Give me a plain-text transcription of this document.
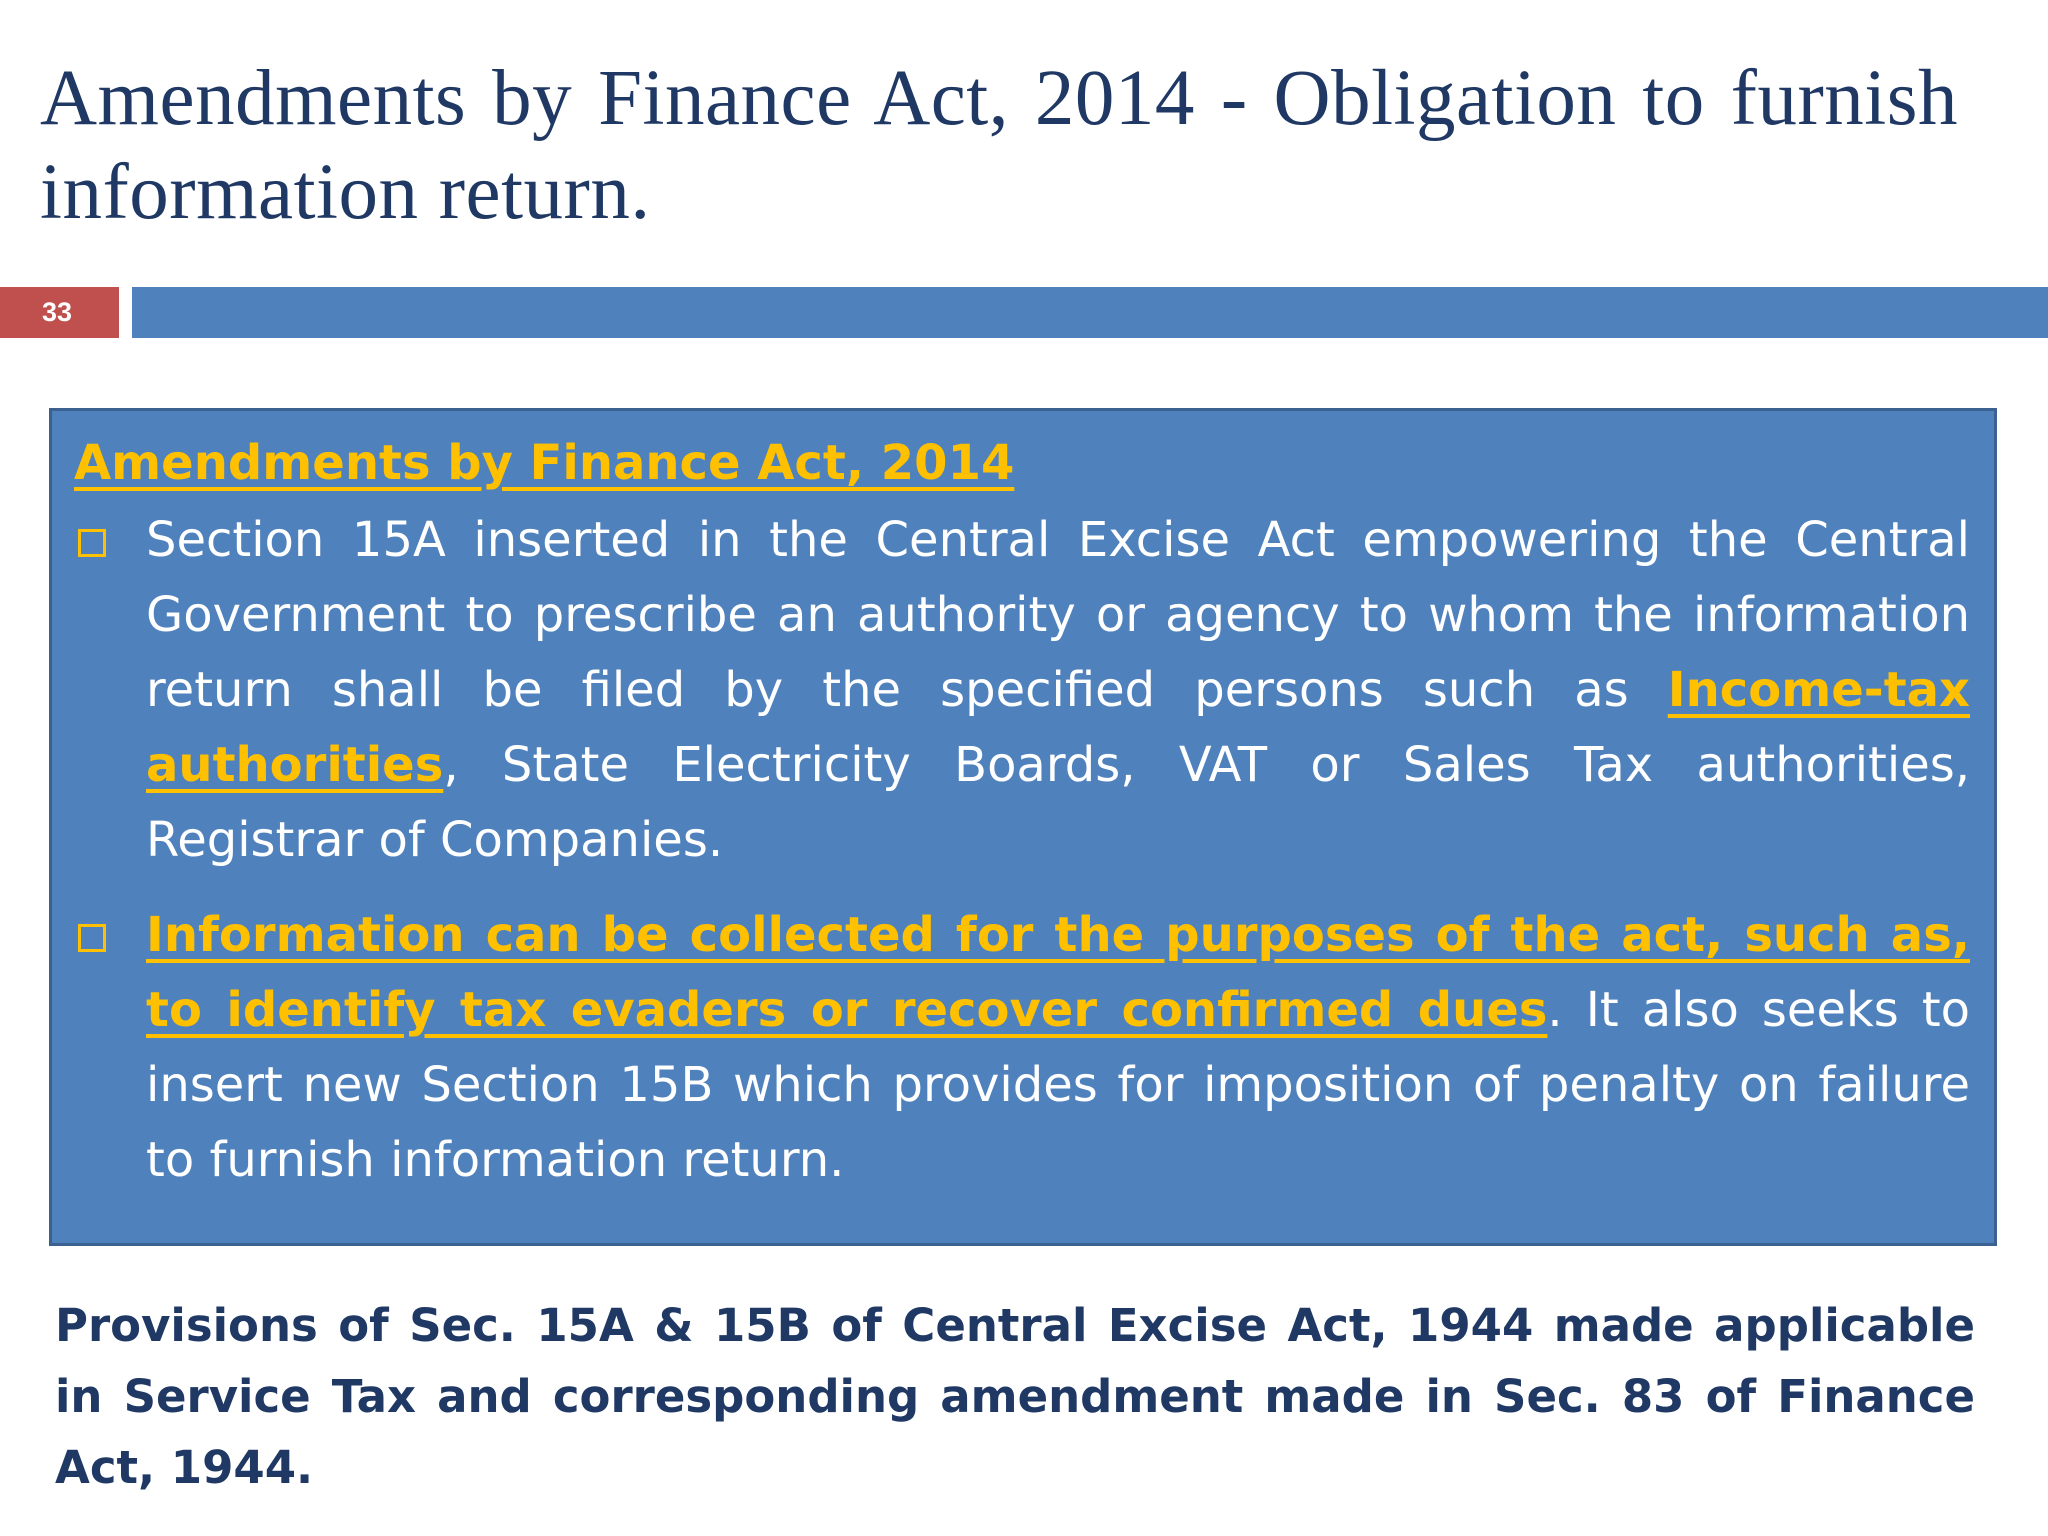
Amendments by Finance Act, 2014 - Obligation to furnish information return.
33
Amendments by Finance Act, 2014
Section 15A inserted in the Central Excise Act empowering the Central Government to prescribe an authority or agency to whom the information return shall be filed by the specified persons such as Income-tax authorities, State Electricity Boards, VAT or Sales Tax authorities, Registrar of Companies.
Information can be collected for the purposes of the act, such as, to identify tax evaders or recover confirmed dues. It also seeks to insert new Section 15B which provides for imposition of penalty on failure to furnish information return.

Provisions of Sec. 15A & 15B of Central Excise Act, 1944 made applicable in Service Tax and corresponding amendment made in Sec. 83 of Finance Act, 1944.
